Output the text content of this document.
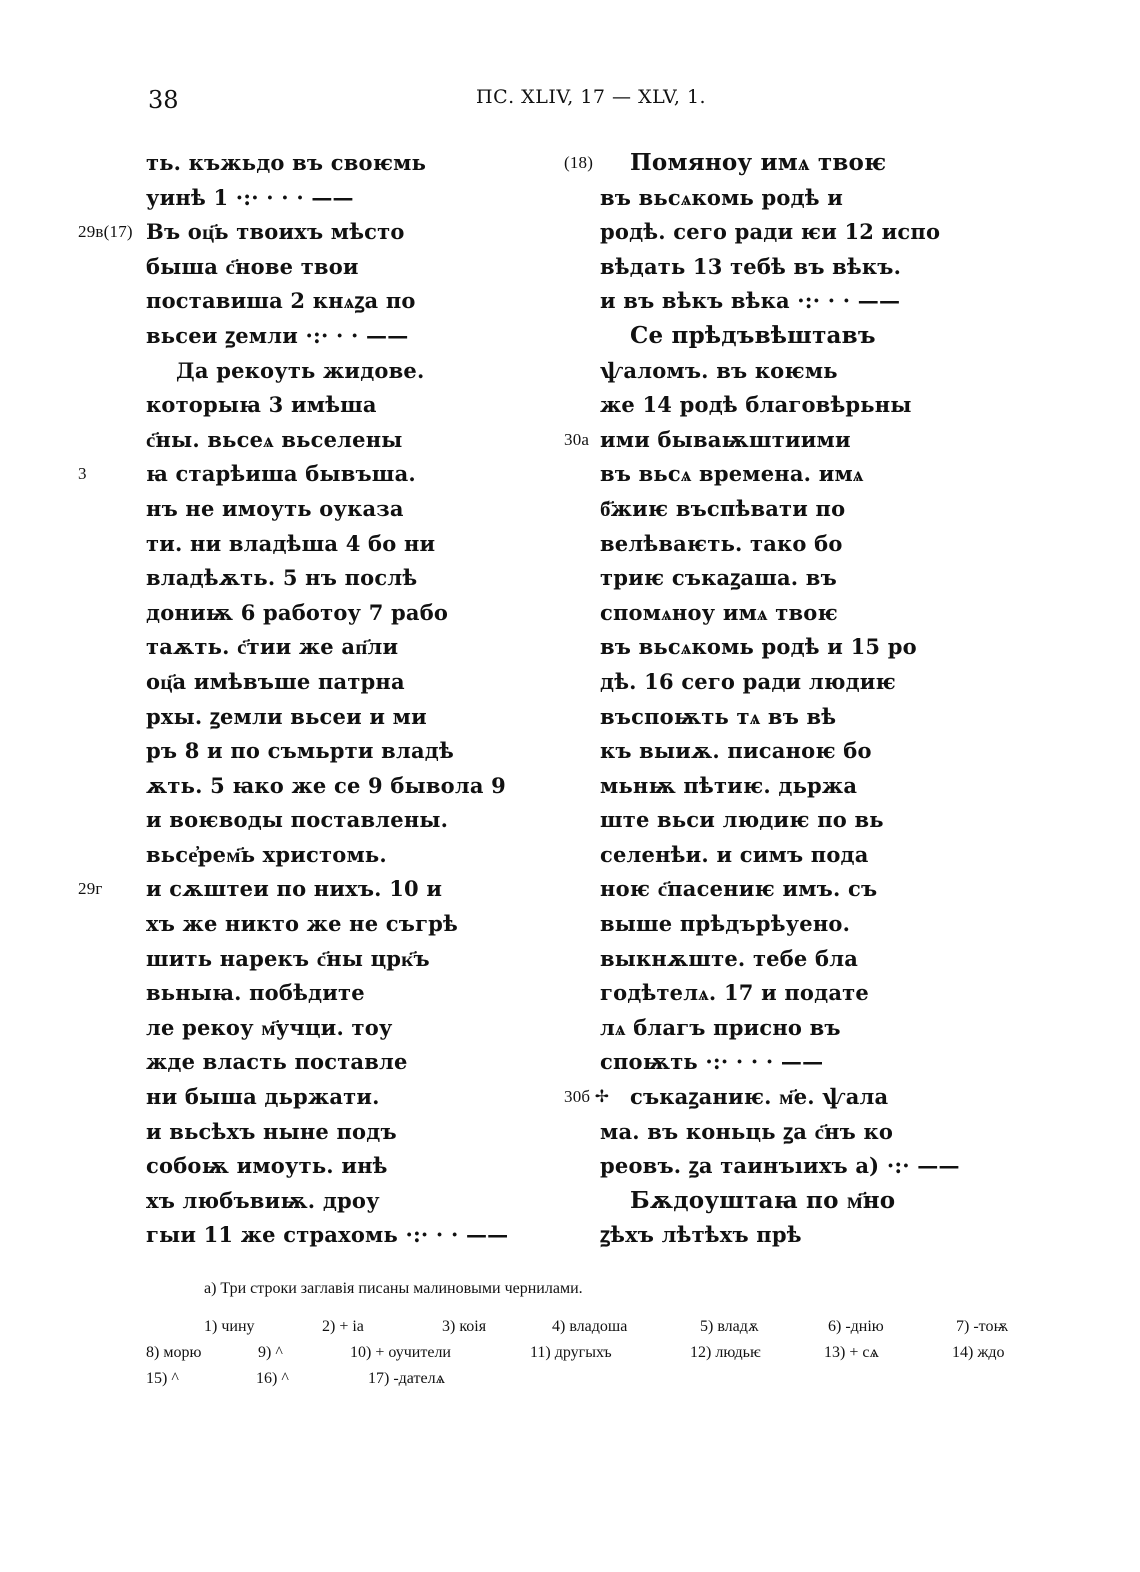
38	ПС. XLIV, 17 — XLV, 1.
ть. къжьдо въ своѥмь
уинѣ 1 ·:· · · · ——
29в(17) Въ оц҃ь твоихъ мѣсто
быша с҃нове твои
поставиша 2 кнѧꙁа по
вьсеи ꙁемли ·:· · · ——
Да рекоуть жидове.
которыꙗ 3 имѣша
с҃ны. вьсеѧ вьселены
3	ꙗ старѣиша бывъша.
нъ не имоуть оуказа
ти. ни владѣша 4 бо ни
владѣѫть. 5 нъ послѣ
дониѭ 6 работоу 7 рабо
таѫть. с҃тии же ап҃ли
оц҃а имѣвъше патрна
рхы. ꙁемли вьсеи и ми
ръ 8 и по съмьрти владѣ
ѫть. 5 ꙗко же се 9 бывола 9
и воѥводы поставлены.
вьсе҆рем҃ь христомь.
29г и сѫштеи по нихъ. 10 и
хъ же никто же не съгрѣ
шить нарекъ с҃ны црк҃ъ
вьныꙗ. побѣдите
ле рекоу м҃учци. тоу
жде власть поставле
ни быша дьржати.
и вьсѣхъ ныне подъ
собоѭ имоуть. инѣ
хъ любъвиѭ. дроу
гыи 11 же страхомь ·:· · · ——
(18) Помяноу имѧ твоѥ
въ вьсѧкомь родѣ и
родѣ. сего ради ѥи 12 испо
вѣдать 13 тебѣ въ вѣкъ.
и въ вѣкъ вѣка ·:· · · ——
Се прѣдъвѣштавъ
ѱаломъ. въ коѥмь
же 14 родѣ благовѣрьны
30а ими бываѭштиими
въ вьсѧ времена. имѧ
б҃жиѥ въспѣвати по
велѣваѥть. тако бо
триѥ съкаꙁаша. въ
спомѧноу имѧ твоѥ
въ вьсѧкомь родѣ и 15 ро
дѣ. 16 сего ради людиѥ
въспоѭть тѧ въ вѣ
къ выиѫ. писаноѥ бо
мьнѭ пѣтиѥ. дьржа
ште вьси людиѥ по вь
селенѣи. и симъ пода
ноѥ с҃пасениѥ имъ. съ
выше прѣдърѣуено.
выкнѫште. тебе бла
годѣтелѧ. 17 и подате
лѧ благъ присно въ
споѭть ·:· · · · ——
30б ✢ съкаꙁаниѥ. м҃е. ѱала
ма. въ коньць ꙁа с҃нъ ко
реовъ. ꙁа таинъıихъ а) ·:· ——
Бѫдоуштаꙗ по м҃но
ꙁѣхъ лѣтѣхъ прѣ
а) Три строки заглавія писаны малиновыми чернилами.
1) чину	2) + іа	3) коія	4) владоша	5) владѫ	6) -днію	7) -тоѭ
8) морю	9) ^	10) + оучители	11) другыхъ	12) людьѥ	13) + сѧ	14) ждо
15) ^	16) ^	17) -дателѧ
